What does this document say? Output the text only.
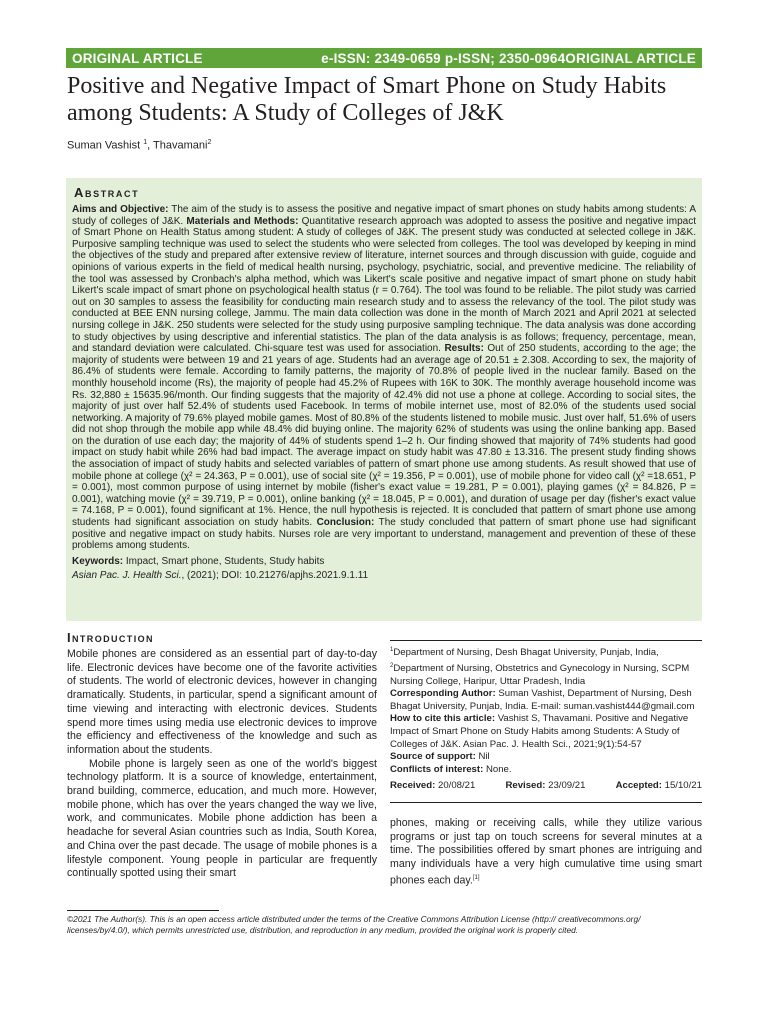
ORIGINAL ARTICLE	e-ISSN: 2349-0659 p-ISSN; 2350-0964ORIGINAL ARTICLE
Positive and Negative Impact of Smart Phone on Study Habits among Students: A Study of Colleges of J&K
Suman Vashist $^1$, Thavamani$^2$
Abstract

Aims and Objective: The aim of the study is to assess the positive and negative impact of smart phones on study habits among students: A study of colleges of J&K. Materials and Methods: Quantitative research approach was adopted to assess the positive and negative impact of Smart Phone on Health Status among student: A study of colleges of J&K. The present study was conducted at selected college in J&K. Purposive sampling technique was used to select the students who were selected from colleges. The tool was developed by keeping in mind the objectives of the study and prepared after extensive review of literature, internet sources and through discussion with guide, coguide and opinions of various experts in the field of medical health nursing, psychology, psychiatric, social, and preventive medicine. The reliability of the tool was assessed by Cronbach's alpha method, which was Likert's scale positive and negative impact of smart phone on study habit Likert's scale impact of smart phone on psychological health status (r = 0.764). The tool was found to be reliable. The pilot study was carried out on 30 samples to assess the feasibility for conducting main research study and to assess the relevancy of the tool. The pilot study was conducted at BEE ENN nursing college, Jammu. The main data collection was done in the month of March 2021 and April 2021 at selected nursing college in J&K. 250 students were selected for the study using purposive sampling technique. The data analysis was done according to study objectives by using descriptive and inferential statistics. The plan of the data analysis is as follows; frequency, percentage, mean, and standard deviation were calculated. Chi-square test was used for association. Results: Out of 250 students, according to the age; the majority of students were between 19 and 21 years of age. Students had an average age of 20.51 ± 2.308. According to sex, the majority of 86.4% of students were female. According to family patterns, the majority of 70.8% of people lived in the nuclear family. Based on the monthly household income (Rs), the majority of people had 45.2% of Rupees with 16K to 30K. The monthly average household income was Rs. 32,880 ± 15635.96/month. Our finding suggests that the majority of 42.4% did not use a phone at college. According to social sites, the majority of just over half 52.4% of students used Facebook. In terms of mobile internet use, most of 82.0% of the students used social networking. A majority of 79.6% played mobile games. Most of 80.8% of the students listened to mobile music. Just over half, 51.6% of users did not shop through the mobile app while 48.4% did buying online. The majority 62% of students was using the online banking app. Based on the duration of use each day; the majority of 44% of students spend 1–2 h. Our finding showed that majority of 74% students had good impact on study habit while 26% had bad impact. The average impact on study habit was 47.80 ± 13.316. The present study finding shows the association of impact of study habits and selected variables of pattern of smart phone use among students. As result showed that use of mobile phone at college (χ² = 24.363, P = 0.001), use of social site (χ² = 19.356, P = 0.001), use of mobile phone for video call (χ² =18.651, P = 0.001), most common purpose of using internet by mobile (fisher's exact value = 19.281, P = 0.001), playing games (χ² = 84.826, P = 0.001), watching movie (χ² = 39.719, P = 0.001), online banking (χ² = 18.045, P = 0.001), and duration of usage per day (fisher's exact value = 74.168, P = 0.001), found significant at 1%. Hence, the null hypothesis is rejected. It is concluded that pattern of smart phone use among students had significant association on study habits. Conclusion: The study concluded that pattern of smart phone use had significant positive and negative impact on study habits. Nurses role are very important to understand, management and prevention of these of these problems among students.

Keywords: Impact, Smart phone, Students, Study habits

Asian Pac. J. Health Sci., (2021); DOI: 10.21276/apjhs.2021.9.1.11

Introduction

Mobile phones are considered as an essential part of day-to-day life. Electronic devices have become one of the favorite activities of students. The world of electronic devices, however in changing dramatically. Students, in particular, spend a significant amount of time viewing and interacting with electronic devices. Students spend more times using media use electronic devices to improve the efficiency and effectiveness of the knowledge and such as information about the students.

Mobile phone is largely seen as one of the world's biggest technology platform. It is a source of knowledge, entertainment, brand building, commerce, education, and much more. However, mobile phone, which has over the years changed the way we live, work, and communicates. Mobile phone addiction has been a headache for several Asian countries such as India, South Korea, and China over the past decade. The usage of mobile phones is a lifestyle component. Young people in particular are frequently continually spotted using their smart

$^1$Department of Nursing, Desh Bhagat University, Punjab, India,

$^2$Department of Nursing, Obstetrics and Gynecology in Nursing, SCPM Nursing College, Haripur, Uttar Pradesh, India

Corresponding Author: Suman Vashist, Department of Nursing, Desh Bhagat University, Punjab, India. E-mail: suman.vashist444@gmail.com

How to cite this article: Vashist S, Thavamani. Positive and Negative Impact of Smart Phone on Study Habits among Students: A Study of Colleges of J&K. Asian Pac. J. Health Sci., 2021;9(1):54-57

Source of support: Nil

Conflicts of interest: None.

Received: 20/08/21	Revised: 23/09/21	Accepted: 15/10/21

phones, making or receiving calls, while they utilize various programs or just tap on touch screens for several minutes at a time. The possibilities offered by smart phones are intriguing and many individuals have a very high cumulative time using smart phones each day.[1]

©2021 The Author(s). This is an open access article distributed under the terms of the Creative Commons Attribution License (http:// creativecommons.org/ licenses/by/4.0/), which permits unrestricted use, distribution, and reproduction in any medium, provided the original work is properly cited.
